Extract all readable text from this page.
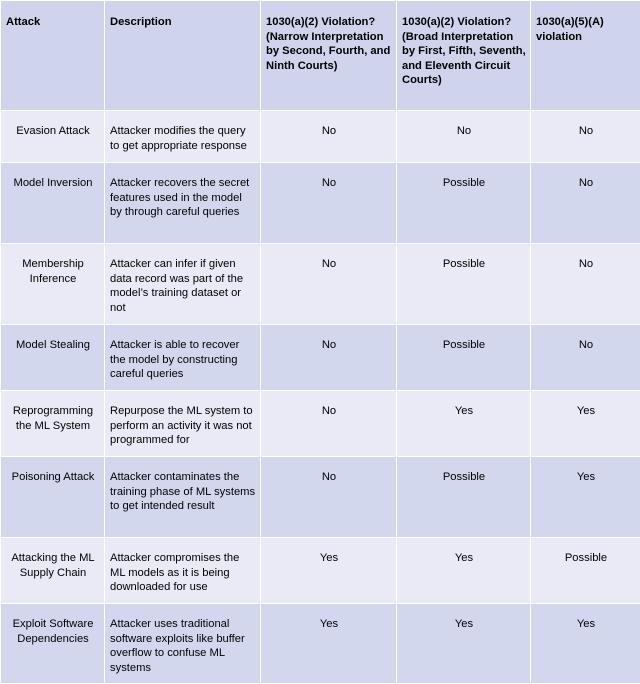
Attack	Description	1030(a)(2) Violation? (Narrow Interpretation by Second, Fourth, and Ninth Courts)	1030(a)(2) Violation? (Broad Interpretation by First, Fifth, Seventh, and Eleventh Circuit Courts)	1030(a)(5)(A) violation
Evasion Attack	Attacker modifies the query to get appropriate response	No	No	No
Model Inversion	Attacker recovers the secret features used in the model by through careful queries	No	Possible	No
Membership Inference	Attacker can infer if given data record was part of the model’s training dataset or not	No	Possible	No
Model Stealing	Attacker is able to recover the model by constructing careful queries	No	Possible	No
Reprogramming the ML System	Repurpose the ML system to perform an activity it was not programmed for	No	Yes	Yes
Poisoning Attack	Attacker contaminates the training phase of ML systems to get intended result	No	Possible	Yes
Attacking the ML Supply Chain	Attacker compromises the ML models as it is being downloaded for use	Yes	Yes	Possible
Exploit Software Dependencies	Attacker uses traditional software exploits like buffer overflow to confuse ML systems	Yes	Yes	Yes
